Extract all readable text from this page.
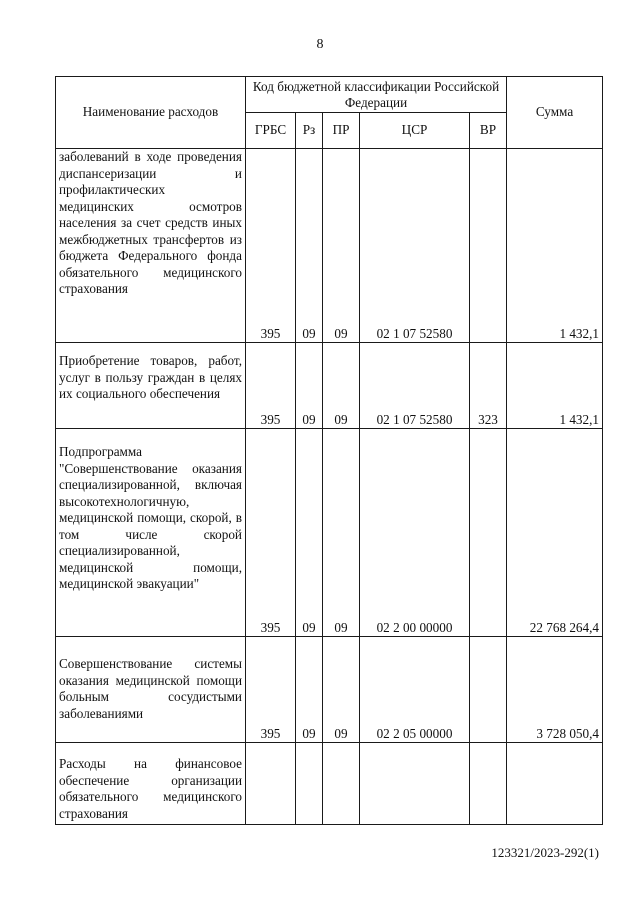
8
Наименование расходов	Код бюджетной классификации Российской Федерации					Сумма
	ГРБС	Рз	ПР	ЦСР	ВР	
заболеваний в ходе проведения диспансеризации и профилактических медицинских осмотров населения за счет средств иных межбюджетных трансфертов из бюджета Федерального фонда обязательного медицинского страхования	395	09	09	02 1 07 52580		1 432,1
Приобретение товаров, работ, услуг в пользу граждан в целях их социального обеспечения	395	09	09	02 1 07 52580	323	1 432,1
Подпрограмма "Совершенствование оказания специализированной, включая высокотехнологичную, медицинской помощи, скорой, в том числе скорой специализированной, медицинской помощи, медицинской эвакуации"	395	09	09	02 2 00 00000		22 768 264,4
Совершенствование системы оказания медицинской помощи больным сосудистыми заболеваниями	395	09	09	02 2 05 00000		3 728 050,4
Расходы на финансовое обеспечение организации обязательного медицинского страхования						
123321/2023-292(1)
